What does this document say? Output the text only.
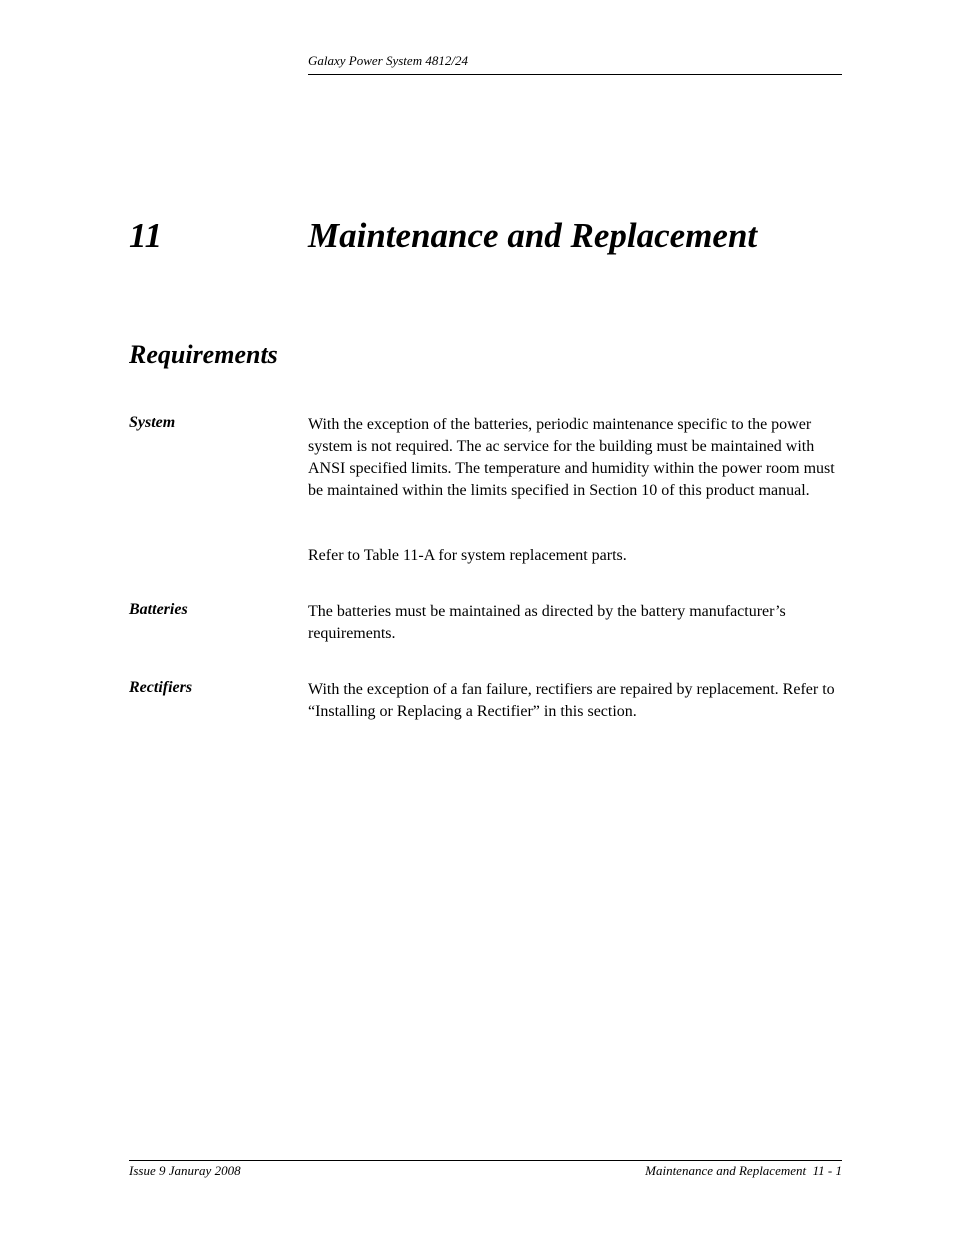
Galaxy Power System 4812/24
11	Maintenance and Replacement
Requirements
System	With the exception of the batteries, periodic maintenance specific to the power system is not required. The ac service for the building must be maintained with ANSI specified limits. The temperature and humidity within the power room must be maintained within the limits specified in Section 10 of this product manual.

Refer to Table 11-A for system replacement parts.

Batteries	The batteries must be maintained as directed by the battery manufacturer’s requirements.

Rectifiers	With the exception of a fan failure, rectifiers are repaired by replacement. Refer to “Installing or Replacing a Rectifier” in this section.

Issue 9 Januray 2008	Maintenance and Replacement  11 - 1
